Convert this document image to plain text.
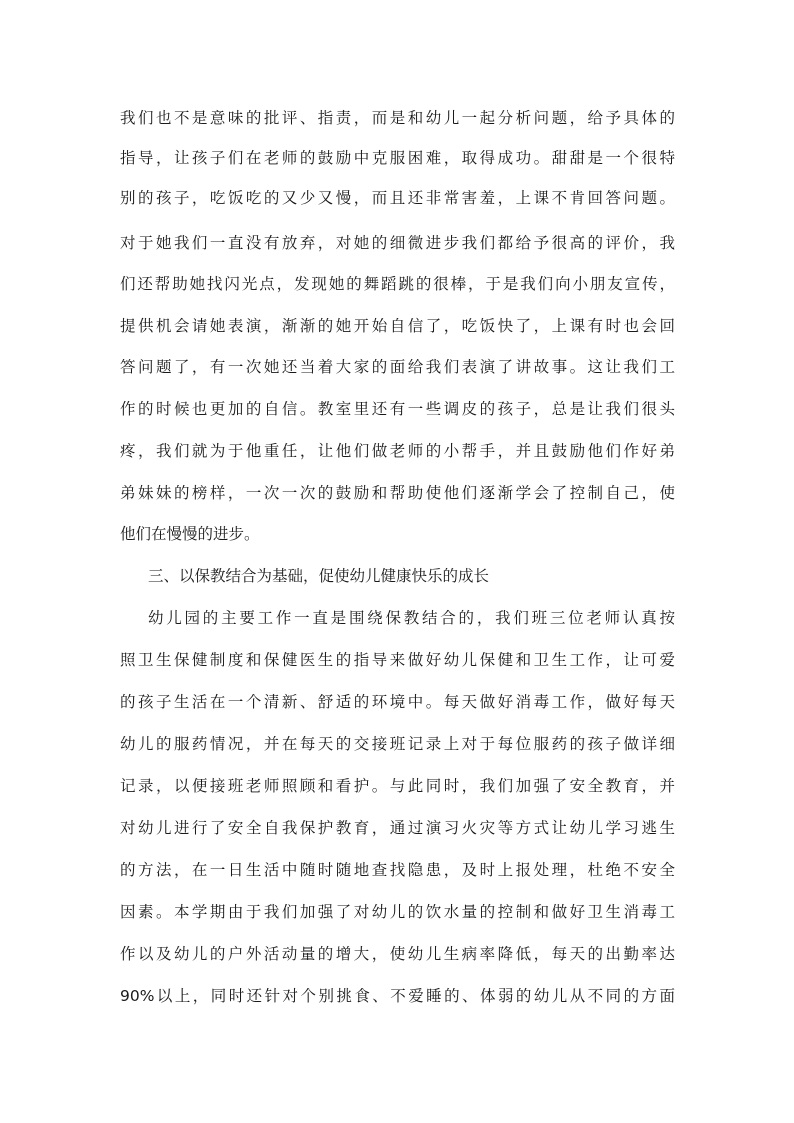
我们也不是意味的批评、指责，而是和幼儿一起分析问题，给予具体的
指导，让孩子们在老师的鼓励中克服困难，取得成功。甜甜是一个很特
别的孩子，吃饭吃的又少又慢，而且还非常害羞，上课不肯回答问题。
对于她我们一直没有放弃，对她的细微进步我们都给予很高的评价，我
们还帮助她找闪光点，发现她的舞蹈跳的很棒，于是我们向小朋友宣传，
提供机会请她表演，渐渐的她开始自信了，吃饭快了，上课有时也会回
答问题了，有一次她还当着大家的面给我们表演了讲故事。这让我们工
作的时候也更加的自信。教室里还有一些调皮的孩子，总是让我们很头
疼，我们就为于他重任，让他们做老师的小帮手，并且鼓励他们作好弟
弟妹妹的榜样，一次一次的鼓励和帮助使他们逐渐学会了控制自己，使
他们在慢慢的进步。
三、以保教结合为基础，促使幼儿健康快乐的成长
幼儿园的主要工作一直是围绕保教结合的，我们班三位老师认真按
照卫生保健制度和保健医生的指导来做好幼儿保健和卫生工作，让可爱
的孩子生活在一个清新、舒适的环境中。每天做好消毒工作，做好每天
幼儿的服药情况，并在每天的交接班记录上对于每位服药的孩子做详细
记录，以便接班老师照顾和看护。与此同时，我们加强了安全教育，并
对幼儿进行了安全自我保护教育，通过演习火灾等方式让幼儿学习逃生
的方法，在一日生活中随时随地查找隐患，及时上报处理，杜绝不安全
因素。本学期由于我们加强了对幼儿的饮水量的控制和做好卫生消毒工
作以及幼儿的户外活动量的增大，使幼儿生病率降低，每天的出勤率达
90%以上，同时还针对个别挑食、不爱睡的、体弱的幼儿从不同的方面
